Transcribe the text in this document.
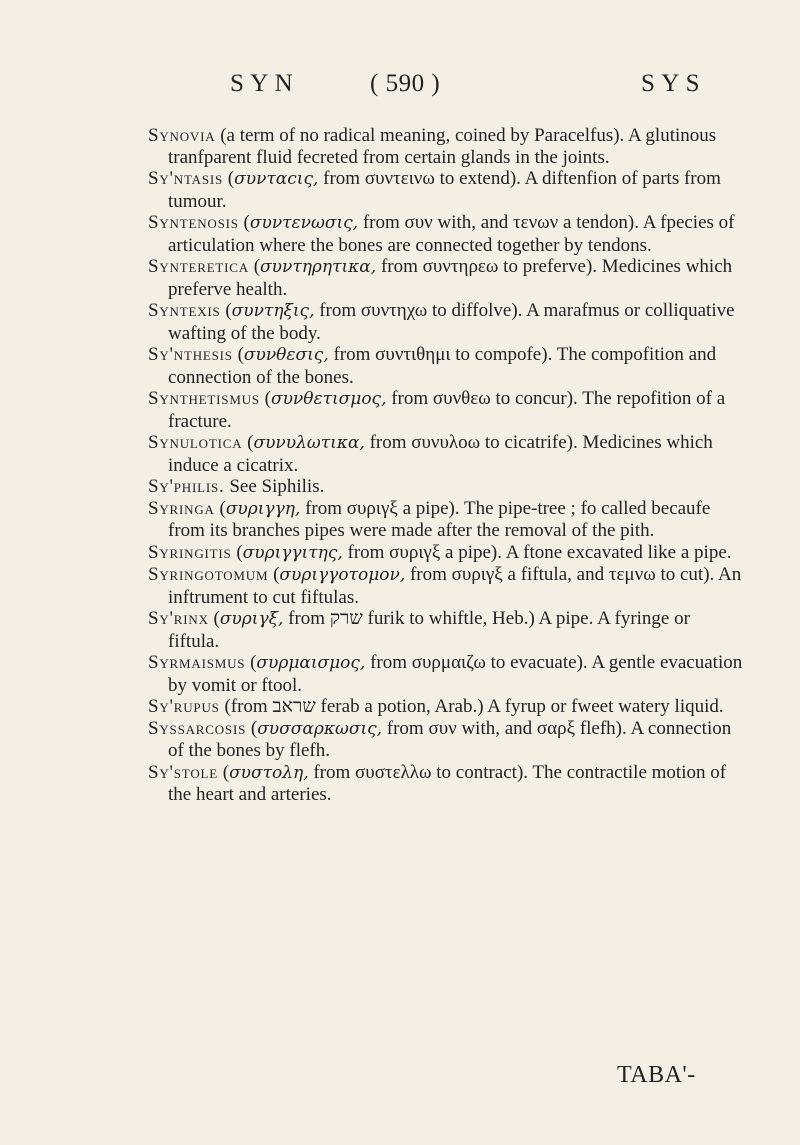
S Y N	( 590 )	S Y S

Synovia (a term of no radical meaning, coined by Paracelfus). A glutinous tranfparent fluid fecreted from certain glands in the joints.

Sy'ntasis (συνταϲις, from συντεινω to extend). A diftenfion of parts from tumour.

Syntenosis (συντενωσις, from συν with, and τενων a tendon). A fpecies of articulation where the bones are connected together by tendons.

Synteretica (συντηρητικα, from συντηρεω to preferve). Medicines which preferve health.

Syntexis (συντηξις, from συντηχω to diffolve). A marafmus or colliquative wafting of the body.

Sy'nthesis (συνθεσις, from συντιθημι to compofe). The compofition and connection of the bones.

Synthetismus (συνθετισμος, from συνθεω to concur). The repofition of a fracture.

Synulotica (συνυλωτικα, from συνυλοω to cicatrife). Medicines which induce a cicatrix.

Sy'philis. See Siphilis.

Syringa (συριγγη, from συριγξ a pipe). The pipe-tree ; fo called becaufe from its branches pipes were made after the removal of the pith.

Syringitis (συριγγιτης, from συριγξ a pipe). A ftone excavated like a pipe.

Syringotomum (συριγγοτομον, from συριγξ a fiftula, and τεμνω to cut). An inftrument to cut fiftulas.

Sy'rinx (συριγξ, from שרק furik to whiftle, Heb.) A pipe. A fyringe or fiftula.

Syrmaismus (συρμαισμος, from συρμαιζω to evacuate). A gentle evacuation by vomit or ftool.

Sy'rupus (from שראב ferab a potion, Arab.) A fyrup or fweet watery liquid.

Syssarcosis (συσσαρκωσις, from συν with, and σαρξ flefh). A connection of the bones by flefh.

Sy'stole (συστολη, from συστελλω to contract). The contractile motion of the heart and arteries.

TABA'-
